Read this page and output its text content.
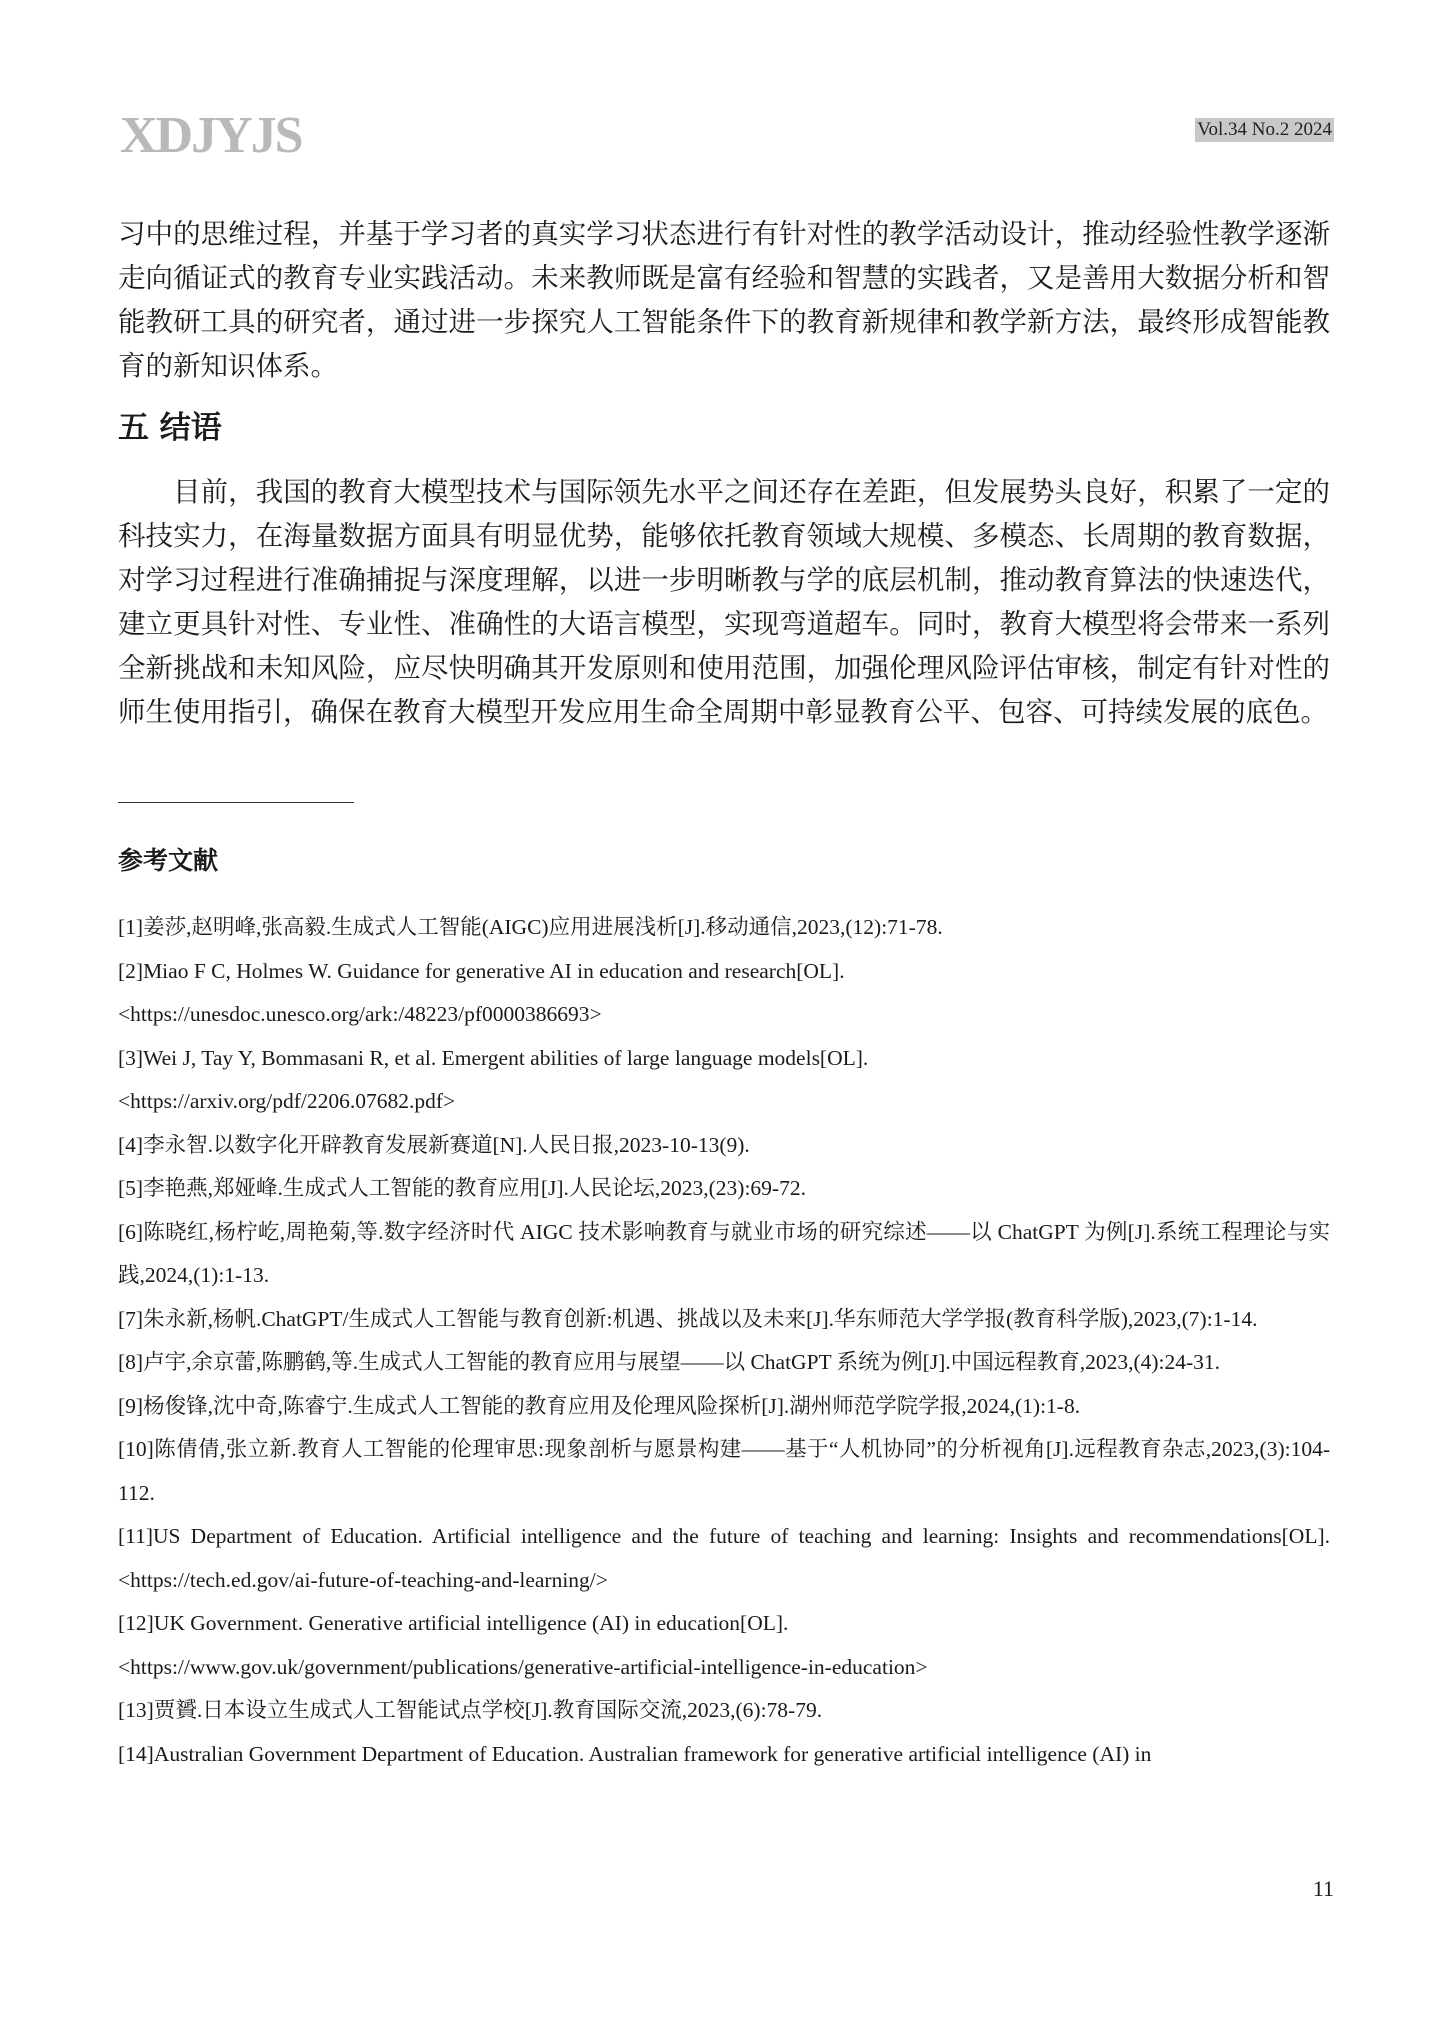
XDJYJS	Vol.34 No.2 2024

习中的思维过程，并基于学习者的真实学习状态进行有针对性的教学活动设计，推动经验性教学逐渐走向循证式的教育专业实践活动。未来教师既是富有经验和智慧的实践者，又是善用大数据分析和智能教研工具的研究者，通过进一步探究人工智能条件下的教育新规律和教学新方法，最终形成智能教育的新知识体系。

五 结语

目前，我国的教育大模型技术与国际领先水平之间还存在差距，但发展势头良好，积累了一定的科技实力，在海量数据方面具有明显优势，能够依托教育领域大规模、多模态、长周期的教育数据，对学习过程进行准确捕捉与深度理解，以进一步明晰教与学的底层机制，推动教育算法的快速迭代，建立更具针对性、专业性、准确性的大语言模型，实现弯道超车。同时，教育大模型将会带来一系列全新挑战和未知风险，应尽快明确其开发原则和使用范围，加强伦理风险评估审核，制定有针对性的师生使用指引，确保在教育大模型开发应用生命全周期中彰显教育公平、包容、可持续发展的底色。

参考文献
[1]姜莎,赵明峰,张高毅.生成式人工智能(AIGC)应用进展浅析[J].移动通信,2023,(12):71-78.
[2]Miao F C, Holmes W. Guidance for generative AI in education and research[OL].
<https://unesdoc.unesco.org/ark:/48223/pf0000386693>
[3]Wei J, Tay Y, Bommasani R, et al. Emergent abilities of large language models[OL].
<https://arxiv.org/pdf/2206.07682.pdf>
[4]李永智.以数字化开辟教育发展新赛道[N].人民日报,2023-10-13(9).
[5]李艳燕,郑娅峰.生成式人工智能的教育应用[J].人民论坛,2023,(23):69-72.
[6]陈晓红,杨柠屹,周艳菊,等.数字经济时代 AIGC 技术影响教育与就业市场的研究综述——以 ChatGPT 为例[J].系统工程理论与实践,2024,(1):1-13.
[7]朱永新,杨帆.ChatGPT/生成式人工智能与教育创新:机遇、挑战以及未来[J].华东师范大学学报(教育科学版),2023,(7):1-14.
[8]卢宇,余京蕾,陈鹏鹤,等.生成式人工智能的教育应用与展望——以 ChatGPT 系统为例[J].中国远程教育,2023,(4):24-31.
[9]杨俊锋,沈中奇,陈睿宁.生成式人工智能的教育应用及伦理风险探析[J].湖州师范学院学报,2024,(1):1-8.
[10]陈倩倩,张立新.教育人工智能的伦理审思:现象剖析与愿景构建——基于“人机协同”的分析视角[J].远程教育杂志,2023,(3):104-112.
[11]US Department of Education. Artificial intelligence and the future of teaching and learning: Insights and recommendations[OL]. <https://tech.ed.gov/ai-future-of-teaching-and-learning/>
[12]UK Government. Generative artificial intelligence (AI) in education[OL].
<https://www.gov.uk/government/publications/generative-artificial-intelligence-in-education>
[13]贾贇.日本设立生成式人工智能试点学校[J].教育国际交流,2023,(6):78-79.
[14]Australian Government Department of Education. Australian framework for generative artificial intelligence (AI) in
11
